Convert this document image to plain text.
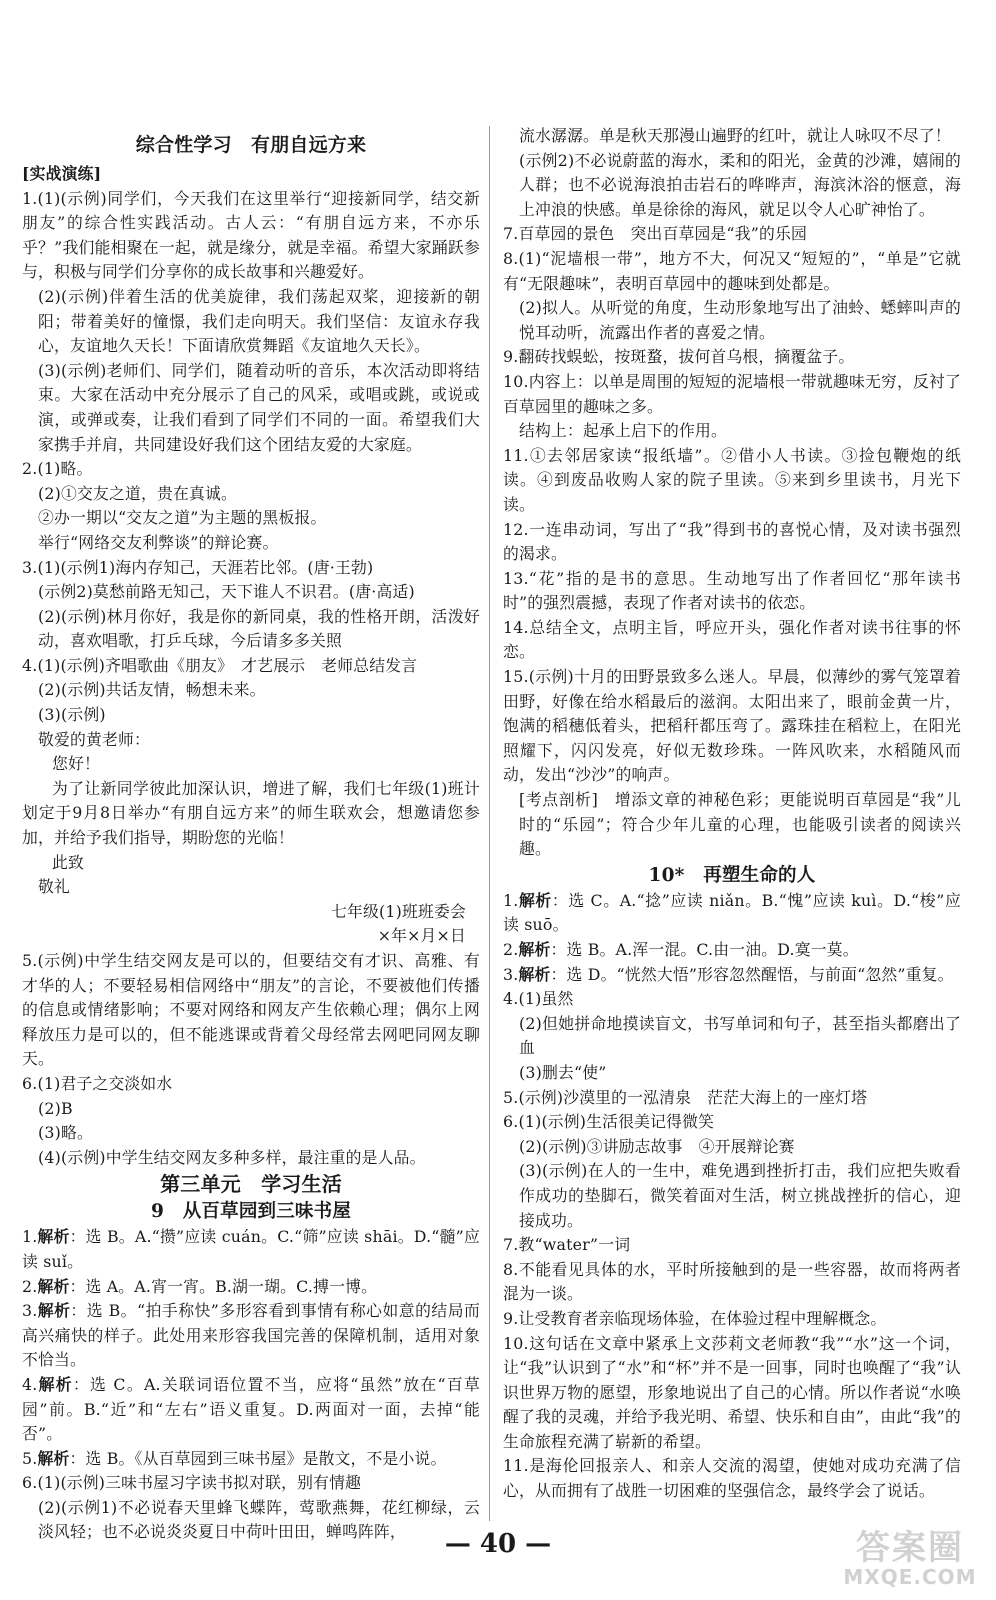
综合性学习　有朋自远方来

[实战演练]

1.(1)(示例)同学们，今天我们在这里举行“迎接新同学，结交新朋友”的综合性实践活动。古人云：“有朋自远方来，不亦乐乎？”我们能相聚在一起，就是缘分，就是幸福。希望大家踊跃参与，积极与同学们分享你的成长故事和兴趣爱好。

(2)(示例)伴着生活的优美旋律，我们荡起双桨，迎接新的朝阳；带着美好的憧憬，我们走向明天。我们坚信：友谊永存我心，友谊地久天长！下面请欣赏舞蹈《友谊地久天长》。

(3)(示例)老师们、同学们，随着动听的音乐，本次活动即将结束。大家在活动中充分展示了自己的风采，或唱或跳，或说或演，或弹或奏，让我们看到了同学们不同的一面。希望我们大家携手并肩，共同建设好我们这个团结友爱的大家庭。

2.(1)略。

(2)①交友之道，贵在真诚。

②办一期以“交友之道”为主题的黑板报。

举行“网络交友利弊谈”的辩论赛。

3.(1)(示例1)海内存知己，天涯若比邻。(唐·王勃)

(示例2)莫愁前路无知己，天下谁人不识君。(唐·高适)

(2)(示例)林月你好，我是你的新同桌，我的性格开朗，活泼好动，喜欢唱歌，打乒乓球，今后请多多关照

4.(1)(示例)齐唱歌曲《朋友》　才艺展示　老师总结发言

(2)(示例)共话友情，畅想未来。

(3)(示例)

敬爱的黄老师：

您好！

为了让新同学彼此加深认识，增进了解，我们七年级(1)班计划定于9月8日举办“有朋自远方来”的师生联欢会，想邀请您参加，并给予我们指导，期盼您的光临！

此致

敬礼

七年级(1)班班委会

×年×月×日

5.(示例)中学生结交网友是可以的，但要结交有才识、高雅、有才华的人；不要轻易相信网络中“朋友”的言论，不要被他们传播的信息或情绪影响；不要对网络和网友产生依赖心理；偶尔上网释放压力是可以的，但不能逃课或背着父母经常去网吧同网友聊天。

6.(1)君子之交淡如水

(2)B

(3)略。

(4)(示例)中学生结交网友多种多样，最注重的是人品。

第三单元　学习生活

9　从百草园到三味书屋

1.解析：选 B。A.“攒”应读 cuán。C.“筛”应读 shāi。D.“髓”应读 suǐ。

2.解析：选 A。A.宵一宵。B.湖一瑚。C.搏一博。

3.解析：选 B。“拍手称快”多形容看到事情有称心如意的结局而高兴痛快的样子。此处用来形容我国完善的保障机制，适用对象不恰当。

4.解析：选 C。A.关联词语位置不当，应将“虽然”放在“百草园”前。B.“近”和“左右”语义重复。D.两面对一面，去掉“能否”。

5.解析：选 B。《从百草园到三味书屋》是散文，不是小说。

6.(1)(示例)三味书屋习字读书拟对联，别有情趣

(2)(示例1)不必说春天里蜂飞蝶阵，莺歌燕舞，花红柳绿，云淡风轻；也不必说炎炎夏日中荷叶田田，蝉鸣阵阵，

流水潺潺。单是秋天那漫山遍野的红叶，就让人咏叹不尽了！

(示例2)不必说蔚蓝的海水，柔和的阳光，金黄的沙滩，嬉闹的人群；也不必说海浪拍击岩石的哗哗声，海滨沐浴的惬意，海上冲浪的快感。单是徐徐的海风，就足以令人心旷神怡了。

7.百草园的景色　突出百草园是“我”的乐园

8.(1)“泥墙根一带”，地方不大，何况又“短短的”，“单是”它就有“无限趣味”，表明百草园中的趣味到处都是。

(2)拟人。从听觉的角度，生动形象地写出了油蛉、蟋蟀叫声的悦耳动听，流露出作者的喜爱之情。

9.翻砖找蜈蚣，按斑蝥，拔何首乌根，摘覆盆子。

10.内容上：以单是周围的短短的泥墙根一带就趣味无穷，反衬了百草园里的趣味之多。

结构上：起承上启下的作用。

11.①去邻居家读“报纸墙”。②借小人书读。③捡包鞭炮的纸读。④到废品收购人家的院子里读。⑤来到乡里读书，月光下读。

12.一连串动词，写出了“我”得到书的喜悦心情，及对读书强烈的渴求。

13.“花”指的是书的意思。生动地写出了作者回忆“那年读书时”的强烈震撼，表现了作者对读书的依恋。

14.总结全文，点明主旨，呼应开头，强化作者对读书往事的怀恋。

15.(示例)十月的田野景致多么迷人。早晨，似薄纱的雾气笼罩着田野，好像在给水稻最后的滋润。太阳出来了，眼前金黄一片，饱满的稻穗低着头，把稻秆都压弯了。露珠挂在稻粒上，在阳光照耀下，闪闪发亮，好似无数珍珠。一阵风吹来，水稻随风而动，发出“沙沙”的响声。

[考点剖析]　增添文章的神秘色彩；更能说明百草园是“我”儿时的“乐园”；符合少年儿童的心理，也能吸引读者的阅读兴趣。

10*　再塑生命的人

1.解析：选 C。A.“捻”应读 niǎn。B.“愧”应读 kuì。D.“梭”应读 suō。

2.解析：选 B。A.浑一混。C.由一油。D.寞一莫。

3.解析：选 D。“恍然大悟”形容忽然醒悟，与前面“忽然”重复。

4.(1)虽然

(2)但她拼命地摸读盲文，书写单词和句子，甚至指头都磨出了血

(3)删去“使”

5.(示例)沙漠里的一泓清泉　茫茫大海上的一座灯塔

6.(1)(示例)生活很美记得微笑

(2)(示例)③讲励志故事　④开展辩论赛

(3)(示例)在人的一生中，难免遇到挫折打击，我们应把失败看作成功的垫脚石，微笑着面对生活，树立挑战挫折的信心，迎接成功。

7.教“water”一词

8.不能看见具体的水，平时所接触到的是一些容器，故而将两者混为一谈。

9.让受教育者亲临现场体验，在体验过程中理解概念。

10.这句话在文章中紧承上文莎莉文老师教“我”“水”这一个词，让“我”认识到了“水”和“杯”并不是一回事，同时也唤醒了“我”认识世界万物的愿望，形象地说出了自己的心情。所以作者说“水唤醒了我的灵魂，并给予我光明、希望、快乐和自由”，由此“我”的生命旅程充满了崭新的希望。

11.是海伦回报亲人、和亲人交流的渴望，使她对成功充满了信心，从而拥有了战胜一切困难的坚强信念，最终学会了说话。

— 40 —	答案圈
MXQE.COM
